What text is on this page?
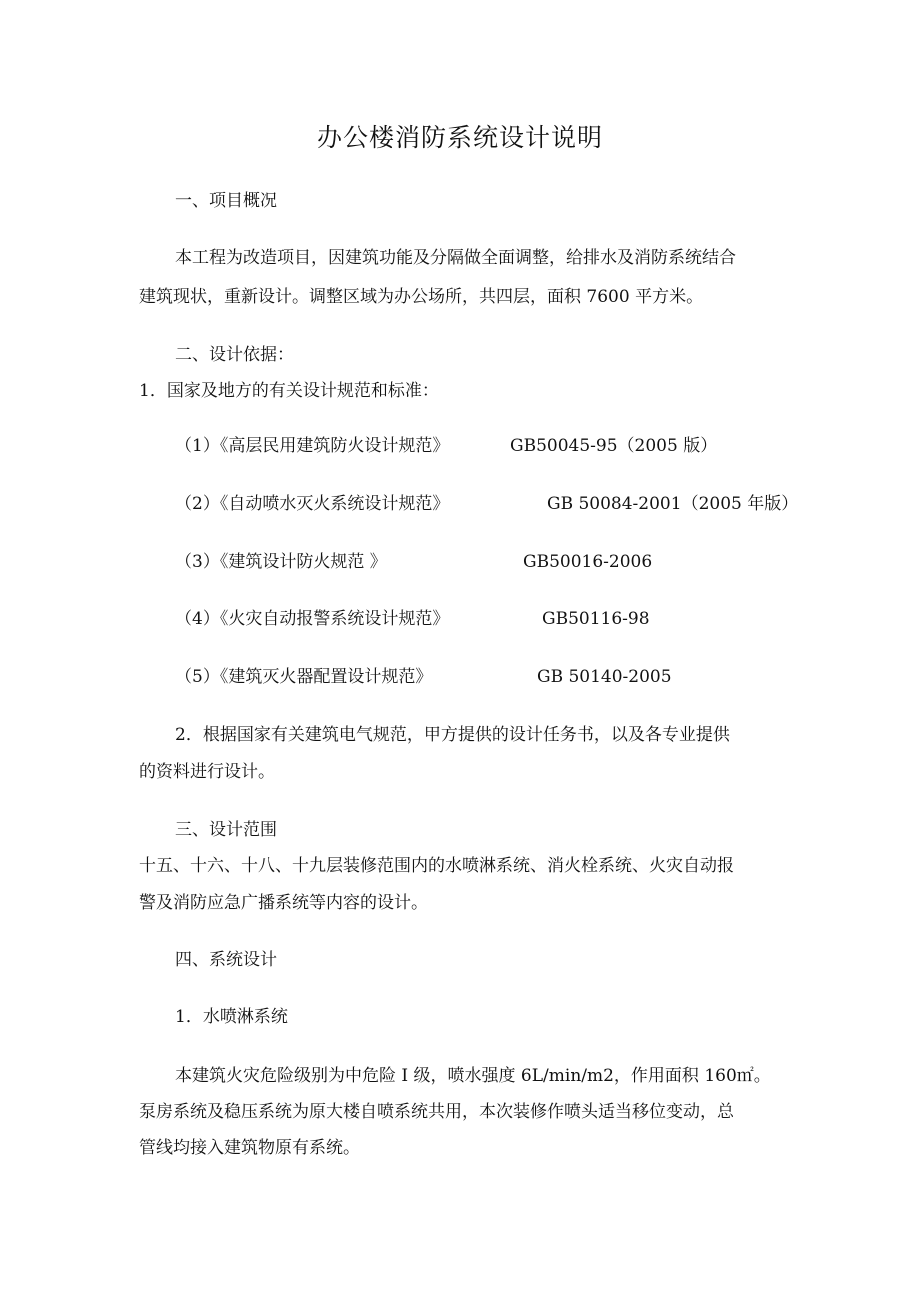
办公楼消防系统设计说明
一、项目概况
本工程为改造项目，因建筑功能及分隔做全面调整，给排水及消防系统结合
建筑现状，重新设计。调整区域为办公场所，共四层，面积 7600 平方米。
二、设计依据：
1．国家及地方的有关设计规范和标准：
（1）《高层民用建筑防火设计规范》	GB50045-95（2005 版）
（2）《自动喷水灭火系统设计规范》	GB 50084-2001（2005 年版）
（3）《建筑设计防火规范 》	GB50016-2006
（4）《火灾自动报警系统设计规范》	GB50116-98
（5）《建筑灭火器配置设计规范》	GB 50140-2005
2．根据国家有关建筑电气规范，甲方提供的设计任务书，以及各专业提供
的资料进行设计。
三、设计范围
十五、十六、十八、十九层装修范围内的水喷淋系统、消火栓系统、火灾自动报
警及消防应急广播系统等内容的设计。
四、系统设计
1．水喷淋系统
本建筑火灾危险级别为中危险 I 级，喷水强度 6L/min/m2，作用面积 160㎡。
泵房系统及稳压系统为原大楼自喷系统共用，本次装修作喷头适当移位变动，总
管线均接入建筑物原有系统。
